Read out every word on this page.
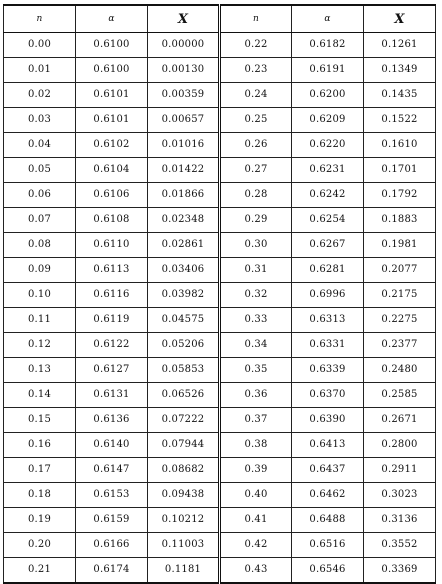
n	α	X	n	α	X
0.00	0.6100	0.00000	0.22	0.6182	0.1261
0.01	0.6100	0.00130	0.23	0.6191	0.1349
0.02	0.6101	0.00359	0.24	0.6200	0.1435
0.03	0.6101	0.00657	0.25	0.6209	0.1522
0.04	0.6102	0.01016	0.26	0.6220	0.1610
0.05	0.6104	0.01422	0.27	0.6231	0.1701
0.06	0.6106	0.01866	0.28	0.6242	0.1792
0.07	0.6108	0.02348	0.29	0.6254	0.1883
0.08	0.6110	0.02861	0.30	0.6267	0.1981
0.09	0.6113	0.03406	0.31	0.6281	0.2077
0.10	0.6116	0.03982	0.32	0.6996	0.2175
0.11	0.6119	0.04575	0.33	0.6313	0.2275
0.12	0.6122	0.05206	0.34	0.6331	0.2377
0.13	0.6127	0.05853	0.35	0.6339	0.2480
0.14	0.6131	0.06526	0.36	0.6370	0.2585
0.15	0.6136	0.07222	0.37	0.6390	0.2671
0.16	0.6140	0.07944	0.38	0.6413	0.2800
0.17	0.6147	0.08682	0.39	0.6437	0.2911
0.18	0.6153	0.09438	0.40	0.6462	0.3023
0.19	0.6159	0.10212	0.41	0.6488	0.3136
0.20	0.6166	0.11003	0.42	0.6516	0.3552
0.21	0.6174	0.1181	0.43	0.6546	0.3369
